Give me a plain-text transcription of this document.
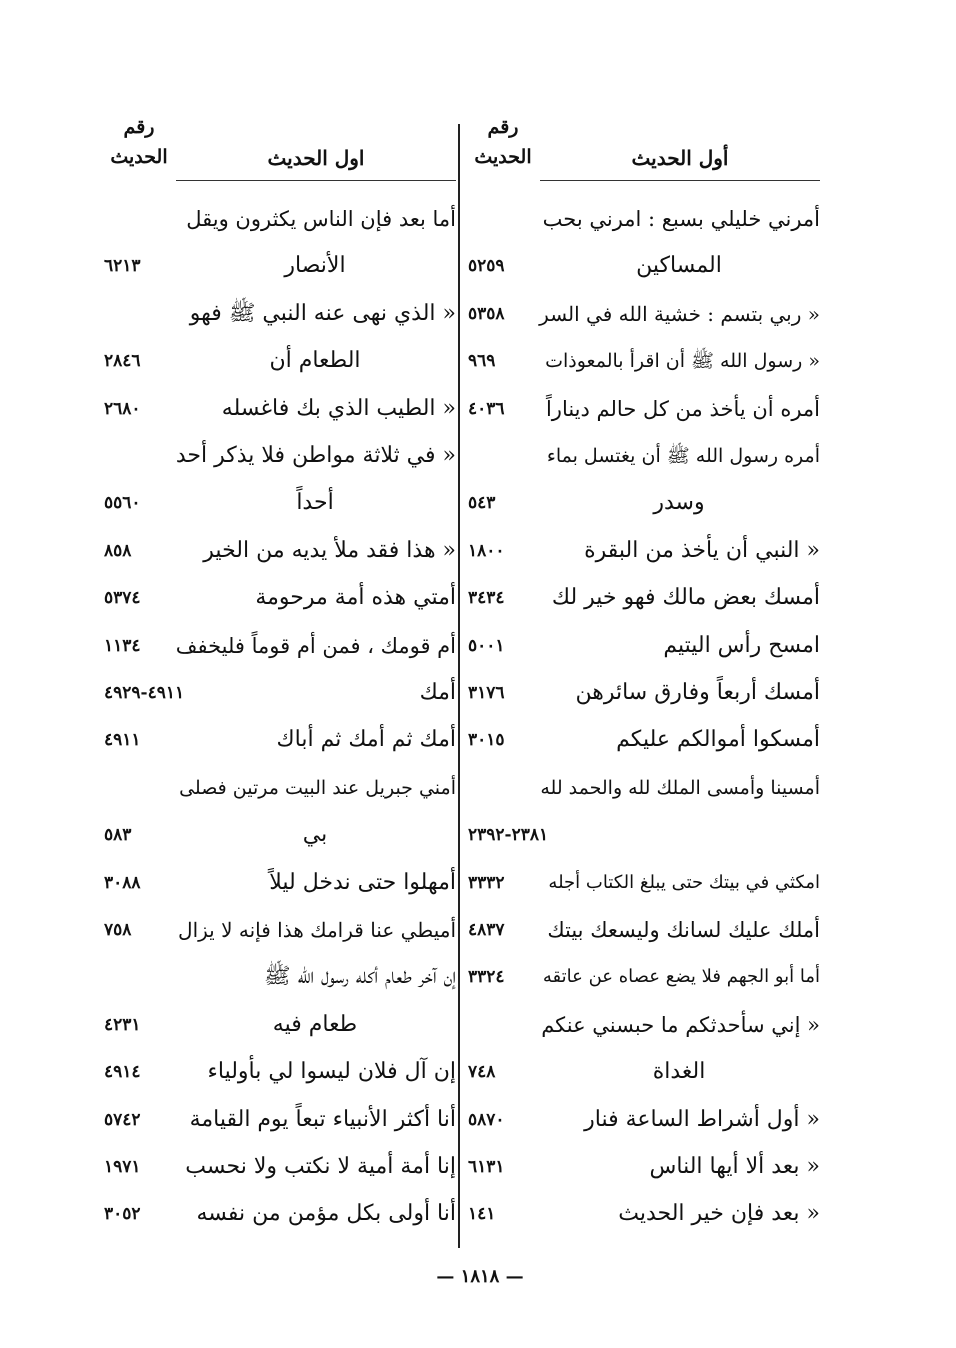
رقم
الحديث	أول الحديث
أمرني خليلي بسبع : امرني بحب
المساكين
٥٢٥٩
« ربي بتسم : خشية الله في السر
٥٣٥٨
« رسول الله ﷺ أن اقرأ بالمعوذات
٩٦٩
أمره أن يأخذ من كل حالم ديناراً
٤٠٣٦
أمره رسول الله ﷺ أن يغتسل بماء
وسدر
٥٤٣
« النبي أن يأخذ من البقرة
١٨٠٠
أمسك بعض مالك فهو خير لك
٣٤٣٤
امسح رأس اليتيم
٥٠٠١
أمسك أربعاً وفارق سائرهن
٣١٧٦
أمسكوا أموالكم عليكم
٣٠١٥
أمسينا وأمسى الملك لله والحمد لله
٢٣٨١-٢٣٩٢
امكثي في بيتك حتى يبلغ الكتاب أجله
٣٣٣٢
أملك عليك لسانك وليسعك بيتك
٤٨٣٧
أما أبو الجهم فلا يضع عصاه عن عاتقه
٣٣٢٤
« إني سأحدثكم ما حبسني عنكم
الغداة
٧٤٨
« أول أشراط الساعة فنار
٥٨٧٠
« بعد ألا أيها الناس
٦١٣١
« بعد فإن خير الحديث
١٤١
رقم
الحديث	اول الحديث
أما بعد فإن الناس يكثرون ويقل
الأنصار
٦٢١٣
« الذي نهى عنه النبي ﷺ فهو
الطعام أن
٢٨٤٦
« الطيب الذي بك فاغسله
٢٦٨٠
« في ثلاثة مواطن فلا يذكر أحد
أحداً
٥٥٦٠
« هذا فقد ملأ يديه من الخير
٨٥٨
أمتي هذه أمة مرحومة
٥٣٧٤
أم قومك ، فمن أم قوماً فليخفف
١١٣٤
أمك
٤٩١١-٤٩٢٩
أمك ثم أمك ثم أباك
٤٩١١
أمني جبريل عند البيت مرتين فصلى
بي
٥٨٣
أمهلوا حتى ندخل ليلاً
٣٠٨٨
أميطي عنا قرامك هذا فإنه لا يزال
٧٥٨
إن آخر طعام أكله رسول الله ﷺ
طعام فيه
٤٢٣١
إن آل فلان ليسوا لي بأولياء
٤٩١٤
أنا أكثر الأنبياء تبعاً يوم القيامة
٥٧٤٢
إنا أمة أمية لا نكتب ولا نحسب
١٩٧١
أنا أولى بكل مؤمن من نفسه
٣٠٥٢
— ١٨١٨ —
